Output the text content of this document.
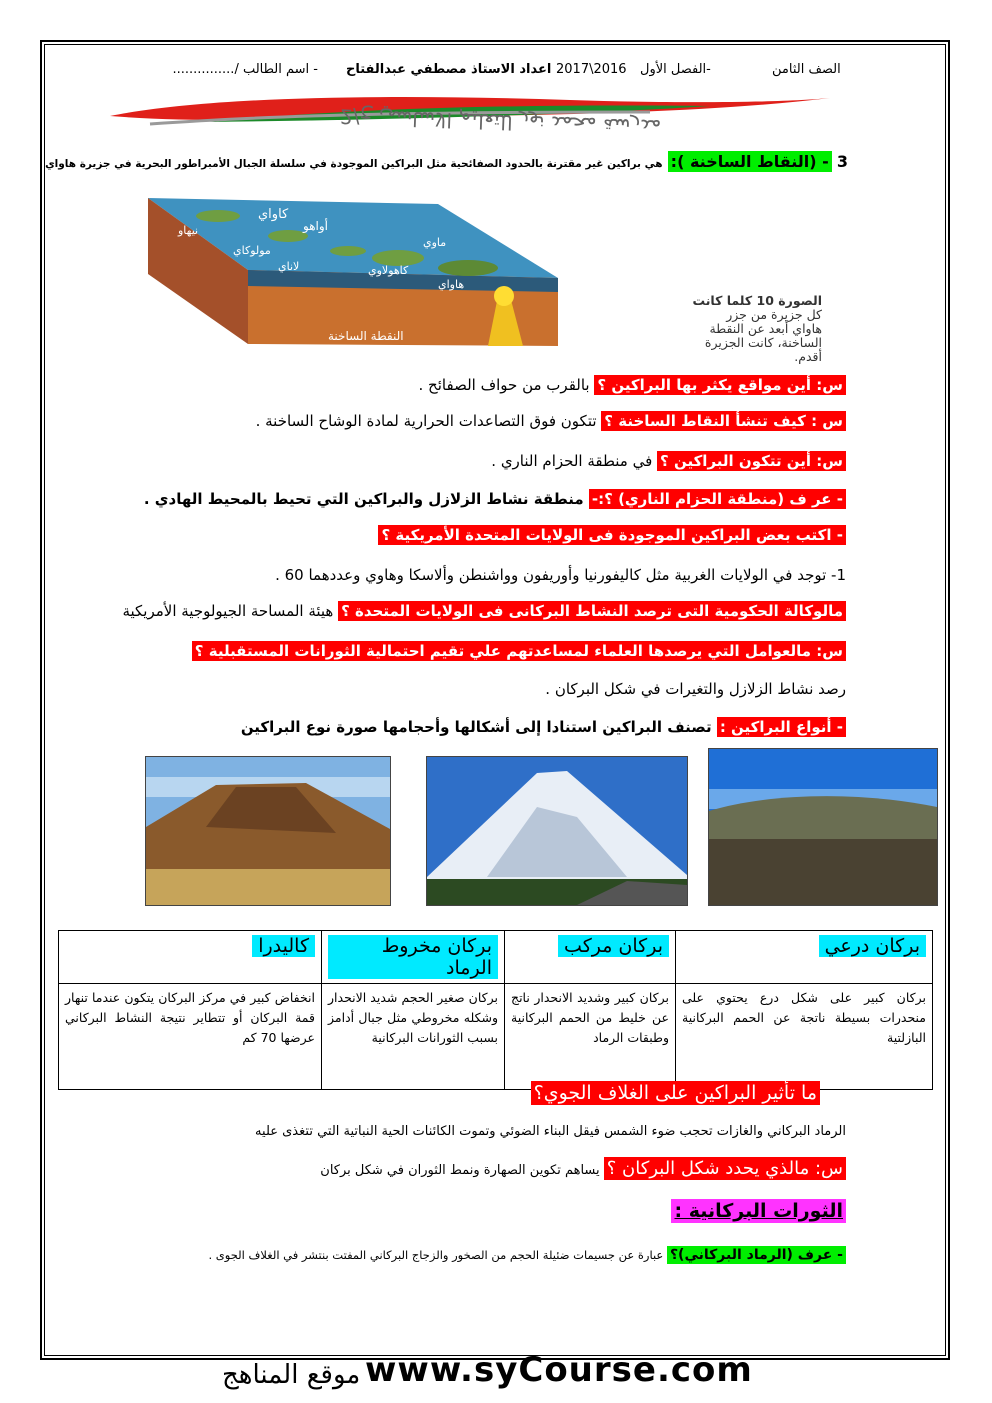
الصف الثامن
الفصل الأول-
2017\2016
اعداد الاستاذ مصطفي عبدالفتاح
- اسم الطالب /...............
مدرسة محمد نور للتعليم الاساسي ح/2
3 - (النقاط الساخنة ): هي براكين غير مقترنة بالحدود الصفائحية مثل البراكين الموجودة في سلسلة الجبال الأمبراطور البحرية في جزيرة هاواي
كاواي
نيهاو	أواهو
مولوكاي
لاناي
ماوي
كاهولاوي
هاواي
النقطة الساخنة
الصورة 10 كلما كانت
كل جزيرة من جزر
هاواي أبعد عن النقطة
الساخنة، كانت الجزيرة
أقدم.
س: أين مواقع يكثر بها البراكين ؟ بالقرب من حواف الصفائح .
س : كيف تنشأ النقاط الساخنة ؟ تتكون فوق التصاعدات الحرارية لمادة الوشاح الساخنة .
س: أين تتكون البراكين ؟ في منطقة الحزام الناري .
- عر ف (منطقة الحزام الناري) ؟:- منطقة نشاط الزلازل والبراكين التي تحيط بالمحيط الهادي .
- اكتب بعض البراكين الموجودة فى الولايات المتحدة الأمريكية ؟
1- توجد في الولايات الغربية مثل كاليفورنيا وأوريفون وواشنطن وألاسكا وهاوي وعددهما 60 .
مالوكالة الحكومية التى ترصد النشاط البركانى فى الولايات المتحدة ؟ هيئة المساحة الجيولوجية الأمريكية
س: مالعوامل التي يرصدها العلماء لمساعدتهم علي تقيم احتمالية الثورانات المستقبلية ؟
رصد نشاط الزلازل والتغيرات في شكل البركان .
- أنواع البراكين : تصنف البراكين استنادا إلى أشكالها وأحجامها صورة نوع البراكين
بركان درعي	بركان مركب	بركان مخروط الرماد	كاليدرا
بركان كبير على شكل درع يحتوي على منحدرات بسيطة ناتجة عن الحمم البركانية البازلتية	بركان كبير وشديد الانحدار ناتج عن خليط من الحمم البركانية وطبقات الرماد	بركان صغير الحجم شديد الانحدار وشكله مخروطي مثل جبال أدامز بسبب الثورانات البركانية	انخفاض كبير في مركز البركان يتكون عندما تنهار قمة البركان أو تتطاير نتيجة النشاط البركاني عرضها 70 كم
ما تأثير البراكين على الغلاف الجوي؟
الرماد البركاني والغازات تحجب ضوء الشمس فيقل البناء الضوئي وتموت الكائنات الحية النباتية التي تتغذى عليه
س: مالذي يحدد شكل البركان ؟ يساهم تكوين الصهارة ونمط الثوران في شكل بركان
الثورات البركانية :
- عرف (الرماد البركاني)؟ عبارة عن جسيمات ضئيلة الحجم من الصخور والزجاج البركاني المفتت بنتشر في الغلاف الجوى .
موقع المناهج www.syCourse.com
